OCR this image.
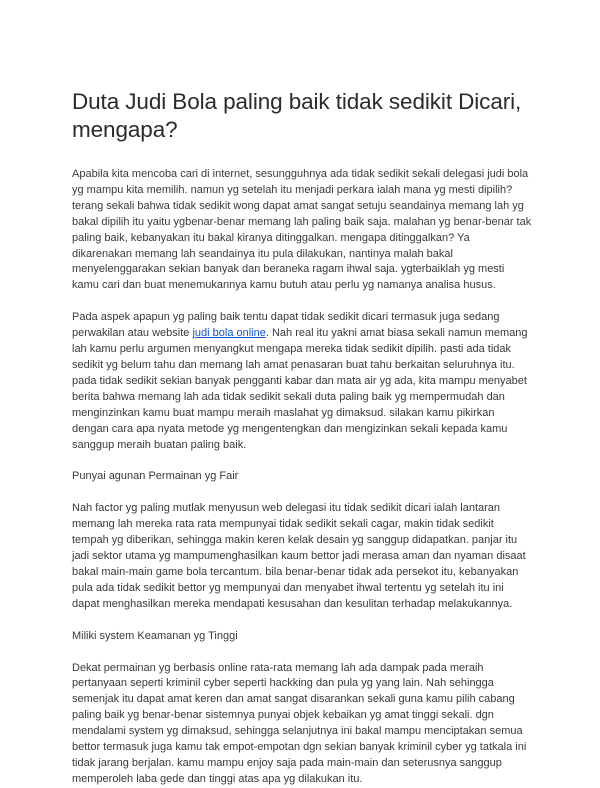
Duta Judi Bola paling baik tidak sedikit Dicari, mengapa?

Apabila kita mencoba cari di internet, sesungguhnya ada tidak sedikit sekali delegasi judi bola yg mampu kita memilih. namun yg setelah itu menjadi perkara ialah mana yg mesti dipilih? terang sekali bahwa tidak sedikit wong dapat amat sangat setuju seandainya memang lah yg bakal dipilih itu yaitu ygbenar-benar memang lah paling baik saja. malahan yg benar-benar tak paling baik, kebanyakan itu bakal kiranya ditinggalkan. mengapa ditinggalkan? Ya dikarenakan memang lah seandainya itu pula dilakukan, nantinya malah bakal menyelenggarakan sekian banyak dan beraneka ragam ihwal saja. ygterbaiklah yg mesti kamu cari dan buat menemukannya kamu butuh atau perlu yg namanya analisa husus.

Pada aspek apapun yg paling baik tentu dapat tidak sedikit dicari termasuk juga sedang perwakilan atau website judi bola online. Nah real itu yakni amat biasa sekali namun memang lah kamu perlu argumen menyangkut mengapa mereka tidak sedikit dipilih. pasti ada tidak sedikit yg belum tahu dan memang lah amat penasaran buat tahu berkaitan seluruhnya itu. pada tidak sedikit sekian banyak pengganti kabar dan mata air yg ada, kita mampu menyabet berita bahwa memang lah ada tidak sedikit sekali duta paling baik yg mempermudah dan menginzinkan kamu buat mampu meraih maslahat yg dimaksud. silakan kamu pikirkan dengan cara apa nyata metode yg mengentengkan dan mengizinkan sekali kepada kamu sanggup meraih buatan paling baik.

Punyai agunan Permainan yg Fair

Nah factor yg paling mutlak menyusun web delegasi itu tidak sedikit dicari ialah lantaran memang lah mereka rata rata mempunyai tidak sedikit sekali cagar, makin tidak sedikit tempah yg diberikan, sehingga makin keren kelak desain yg sanggup didapatkan. panjar itu jadi sektor utama yg mampumenghasilkan kaum bettor jadi merasa aman dan nyaman disaat bakal main-main game bola tercantum. bila benar-benar tidak ada persekot itu, kebanyakan pula ada tidak sedikit bettor yg mempunyai dan menyabet ihwal tertentu yg setelah itu ini dapat menghasilkan mereka mendapati kesusahan dan kesulitan terhadap melakukannya.

Miliki system Keamanan yg Tinggi

Dekat permainan yg berbasis online rata-rata memang lah ada dampak pada meraih pertanyaan seperti kriminil cyber seperti hackking dan pula yg yang lain. Nah sehingga semenjak itu dapat amat keren dan amat sangat disarankan sekali guna kamu pilih cabang paling baik yg benar-benar sistemnya punyai objek kebaikan yg amat tinggi sekali. dgn mendalami system yg dimaksud, sehingga selanjutnya ini bakal mampu menciptakan semua bettor termasuk juga kamu tak empot-empotan dgn sekian banyak kriminil cyber yg tatkala ini tidak jarang berjalan. kamu mampu enjoy saja pada main-main dan seterusnya sanggup memperoleh laba gede dan tinggi atas apa yg dilakukan itu.
